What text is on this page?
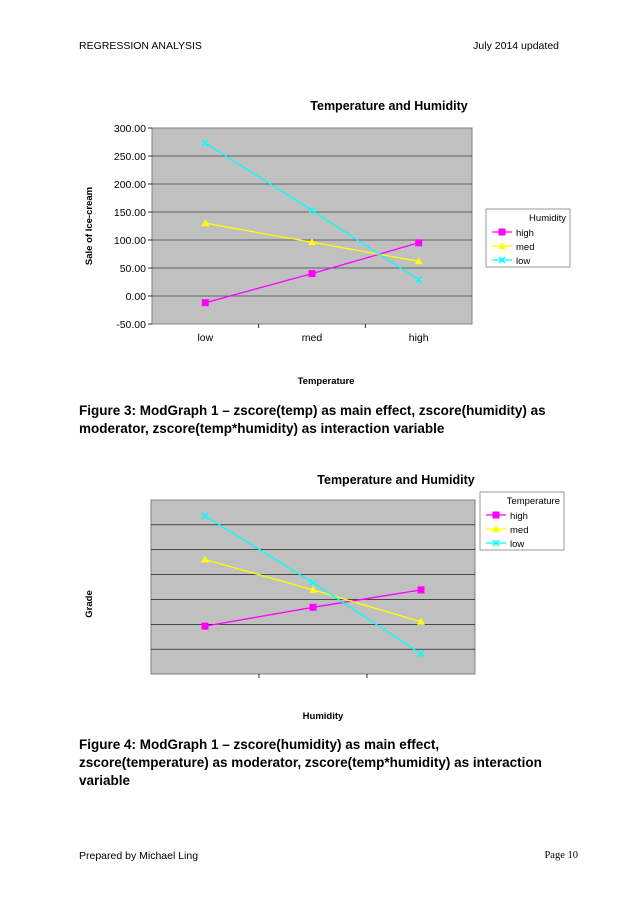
REGRESSION ANALYSIS	July 2014 updated
Temperature and Humidity
-50.00
0.00
50.00
100.00
150.00
200.00
250.00
300.00
low	med	high
Temperature
Sale of Ice-cream	Humidity
high
med
low
Figure 3: ModGraph 1 – zscore(temp) as main effect, zscore(humidity) as moderator, zscore(temp*humidity) as interaction variable
Temperature and Humidity
Humidity
Grade
Temperature
high
med
low
Figure 4: ModGraph 1 – zscore(humidity) as main effect, zscore(temperature) as moderator, zscore(temp*humidity) as interaction variable
Prepared by Michael Ling	Page 10
